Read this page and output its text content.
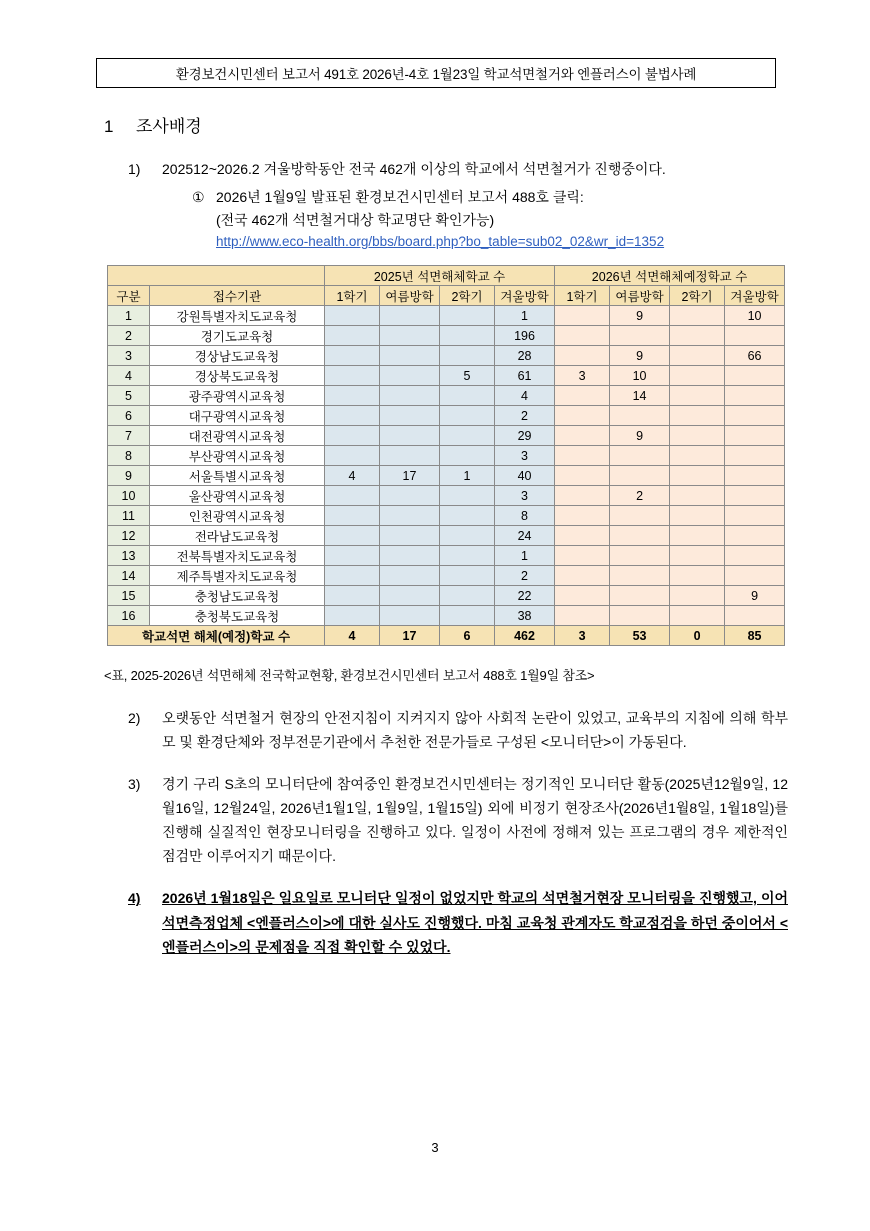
환경보건시민센터 보고서 491호 2026년-4호 1월23일 학교석면철거와 엔플러스이 불법사례
1 조사배경
1)	202512~2026.2 겨울방학동안 전국 462개 이상의 학교에서 석면철거가 진행중이다.
① 2026년 1월9일 발표된 환경보건시민센터 보고서 488호 클릭:
(전국 462개 석면철거대상 학교명단 확인가능)
http://www.eco-health.org/bbs/board.php?bo_table=sub02_02&wr_id=1352
		2025년 석면해체학교 수				2026년 석면해체예정학교 수			
구분	접수기관	1학기	여름방학	2학기	겨울방학	1학기	여름방학	2학기	겨울방학
1	강원특별자치도교육청				1		9		10
2	경기도교육청				196				
3	경상남도교육청				28		9		66
4	경상북도교육청			5	61	3	10		
5	광주광역시교육청				4		14		
6	대구광역시교육청				2				
7	대전광역시교육청				29		9		
8	부산광역시교육청				3				
9	서울특별시교육청	4	17	1	40				
10	울산광역시교육청				3		2		
11	인천광역시교육청				8				
12	전라남도교육청				24				
13	전북특별자치도교육청				1				
14	제주특별자치도교육청				2				
15	충청남도교육청				22				9
16	충청북도교육청				38				
학교석면 해체(예정)학교 수		4	17	6	462	3	53	0	85
<표, 2025-2026년 석면해체 전국학교현황, 환경보건시민센터 보고서 488호 1월9일 참조>
2)	오랫동안 석면철거 현장의 안전지침이 지켜지지 않아 사회적 논란이 있었고, 교육부의 지침에 의해 학부모 및 환경단체와 정부전문기관에서 추천한 전문가들로 구성된 <모니터단>이 가동된다.
3)	경기 구리 S초의 모니터단에 참여중인 환경보건시민센터는 정기적인 모니터단 활동(2025년12월9일, 12월16일, 12월24일, 2026년1월1일, 1월9일, 1월15일) 외에 비정기 현장조사(2026년1월8일, 1월18일)를 진행해 실질적인 현장모니터링을 진행하고 있다. 일정이 사전에 정해져 있는 프로그램의 경우 제한적인 점검만 이루어지기 때문이다.
4)	2026년 1월18일은 일요일로 모니터단 일정이 없었지만 학교의 석면철거현장 모니터링을 진행했고, 이어 석면측정업체 <엔플러스이>에 대한 실사도 진행했다. 마침 교육청 관계자도 학교점검을 하던 중이어서 <엔플러스이>의 문제점을 직접 확인할 수 있었다.
3
